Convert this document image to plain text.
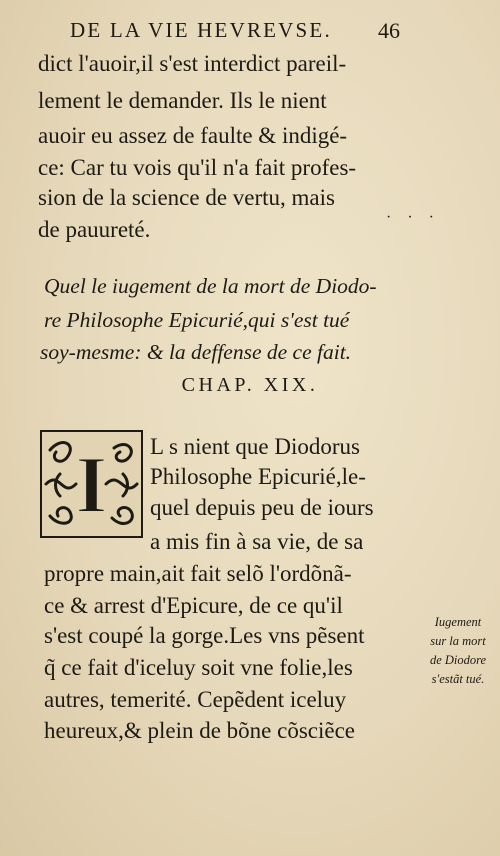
DE LA VIE HEVREVSE. 46
dict l'auoir,il s'est interdict pareil-
lement le demander. Ils le nient
auoir eu assez de faulte & indigé-
ce: Car tu vois qu'il n'a fait profes-
sion de la science de vertu, mais
de pauureté.	· · ·
Quel le iugement de la mort de Diodo-
re Philosophe Epicurié,qui s'est tué
soy-mesme: & la deffense de ce fait.
CHAP. XIX.
I L s nient que Diodorus
Philosophe Epicurié,le-
quel depuis peu de iours
a mis fin à sa vie, de sa
propre main,ait fait selõ l'ordõnã-
ce & arrest d'Epicure, de ce qu'il
s'est coupé la gorge.Les vns pẽsent
q̃ ce fait d'iceluy soit vne folie,les
autres, temerité. Cepẽdent iceluy
heureux,& plein de bõne cõsciẽce
Iugement
sur la mort
de Diodore
s'estãt tué.
